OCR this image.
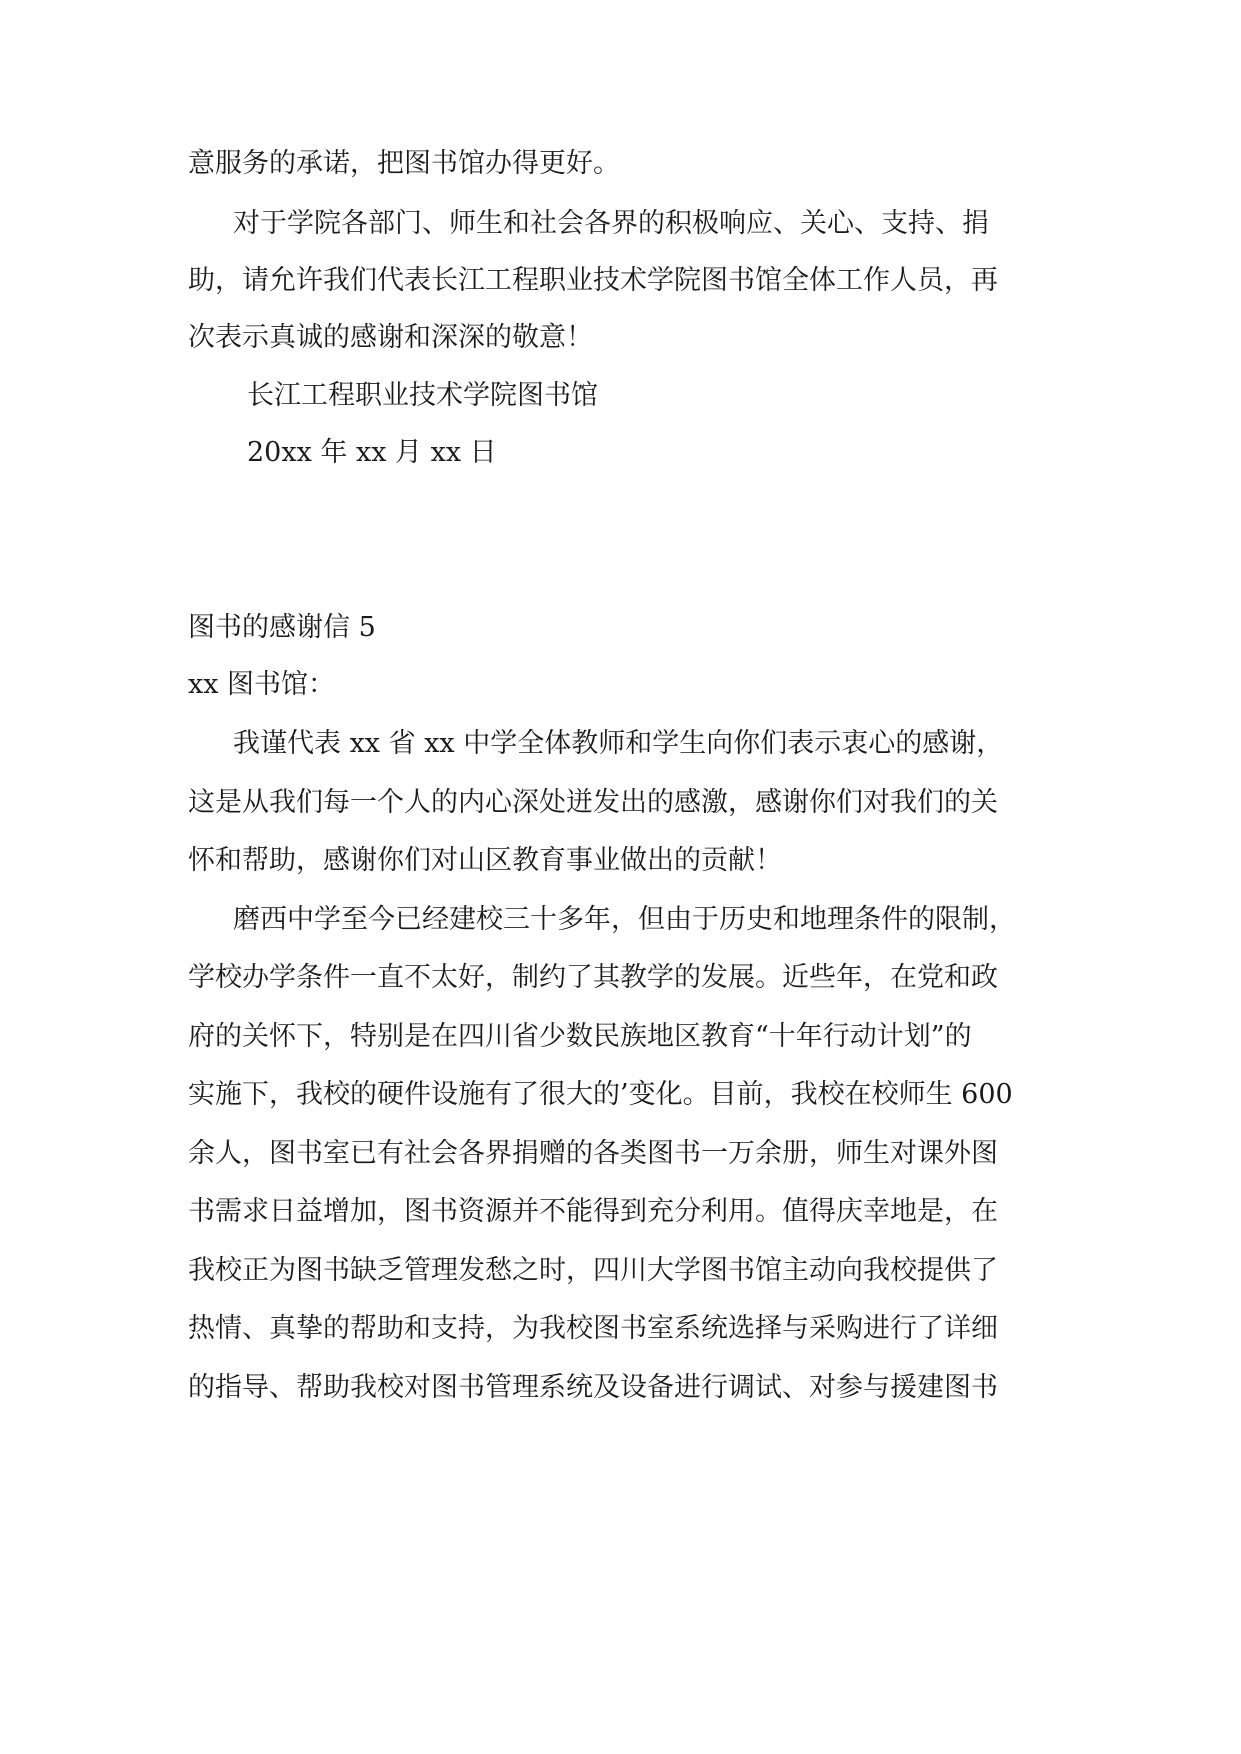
意服务的承诺，把图书馆办得更好。
对于学院各部门、师生和社会各界的积极响应、关心、支持、捐
助，请允许我们代表长江工程职业技术学院图书馆全体工作人员，再
次表示真诚的感谢和深深的敬意！
长江工程职业技术学院图书馆
20xx 年 xx 月 xx 日
图书的感谢信 5
xx 图书馆：
我谨代表 xx 省 xx 中学全体教师和学生向你们表示衷心的感谢，
这是从我们每一个人的内心深处迸发出的感激，感谢你们对我们的关
怀和帮助，感谢你们对山区教育事业做出的贡献！
磨西中学至今已经建校三十多年，但由于历史和地理条件的限制，
学校办学条件一直不太好，制约了其教学的发展。近些年，在党和政
府的关怀下，特别是在四川省少数民族地区教育“十年行动计划”的
实施下，我校的硬件设施有了很大的’变化。目前，我校在校师生 600
余人，图书室已有社会各界捐赠的各类图书一万余册，师生对课外图
书需求日益增加，图书资源并不能得到充分利用。值得庆幸地是，在
我校正为图书缺乏管理发愁之时，四川大学图书馆主动向我校提供了
热情、真挚的帮助和支持，为我校图书室系统选择与采购进行了详细
的指导、帮助我校对图书管理系统及设备进行调试、对参与援建图书
